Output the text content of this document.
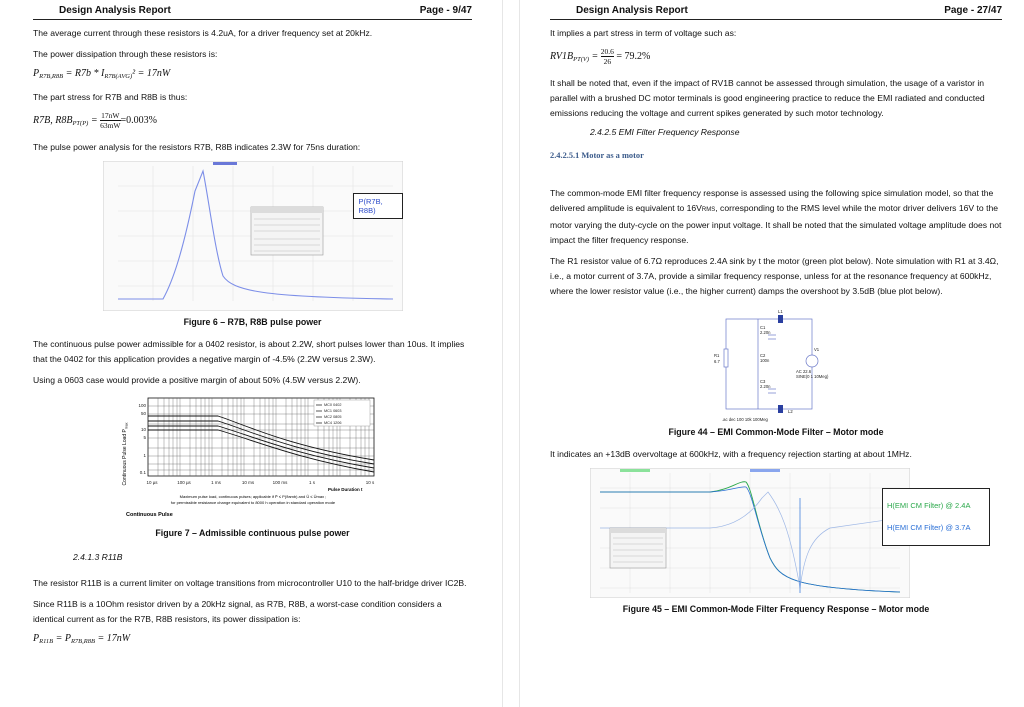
Design Analysis Report	Page - 9/47

The average current through these resistors is 4.2uA, for a driver frequency set at 20kHz.

The power dissipation through these resistors is:

$P_{R7B,R8B} = R7b * I_{R7B(AVG)}^2 = 17nW$

The part stress for R7B and R8B is thus:

R7B, $R8B_{PT(P)} = \frac{17nW}{63mW} =0.003\%$

The pulse power analysis for the resistors R7B, R8B indicates 2.3W for 75ns duration:

P(R7B, R8B)
Figure 6 – R7B, R8B pulse power

The continuous pulse power admissible for a 0402 resistor, is about 2.2W, short pulses lower than 10us. It implies that the 0402 for this application provides a negative margin of -4.5% (2.2W versus 2.3W).

Using a 0603 case would provide a positive margin of about 50% (4.5W versus 2.2W).

Continuous Pulse Load $P_{max}$
MC0 0402
MC1 0603
MC2 0805
MC4 1206
100
50
10
5
1
0.1
10 µs	100 µs	1 ms	10 ms	100 ms	1 s	10 s
Pulse Duration t
Maximum pulse load, continuous pulses; applicable if P̄ ≤ P(ϑamb) and Û ≤ Ûmax ;
for permissible resistance change equivalent to 8000 h operation in standard operation mode
Continuous Pulse
Figure 7 – Admissible continuous pulse power
2.4.1.3 R11B

The resistor R11B is a current limiter on voltage transitions from microcontroller U10 to the half-bridge driver IC2B.

Since R11B is a 10Ohm resistor driven by a 20kHz signal, as R7B, R8B, a worst-case condition considers a identical current as for the R7B, R8B resistors, its power dissipation is:

$P_{R11B} = P_{R7B,R8B} = 17nW$
Design Analysis Report	Page - 27/47

It implies a part stress in term of voltage such as:

$RV1B_{PT(V)} = \frac{20.6}{26} = 79.2\%$

It shall be noted that, even if the impact of RV1B cannot be assessed through simulation, the usage of a varistor in parallel with a brushed DC motor terminals is good engineering practice to reduce the EMI radiated and conducted emissions reducing the voltage and current spikes generated by such motor technology.

2.4.2.5 EMI Filter Frequency Response
2.4.2.5.1 Motor as a motor

The common-mode EMI filter frequency response is assessed using the following spice simulation model, so that the delivered amplitude is equivalent to 16VRMS, corresponding to the RMS level while the motor driver delivers 16V to the motor varying the duty-cycle on the power input voltage. It shall be noted that the simulated voltage amplitude does not impact the filter frequency response.

The R1 resistor value of 6.7Ω reproduces 2.4A sink by t the motor (green plot below). Note simulation with R1 at 3.4Ω, i.e., a motor current of 3.7A, provide a similar frequency response, unless for at the resonance frequency at 600kHz, where the lower resistor value (i.e., the higher current) damps the overshoot by 3.5dB (blue plot below).

L1
C1
2.20n
R1
6.7
C2
100n
C3
2.20n
V1
AC 22.6
SINE(0 1 10Meg)
L2
.ac dec 100 10k 100Meg
Figure 44 – EMI Common-Mode Filter – Motor mode

It indicates an +13dB overvoltage at 600kHz, with a frequency rejection starting at about 1MHz.

H(EMI CM Filter) @ 2.4A
H(EMI CM Filter) @ 3.7A
Figure 45 – EMI Common-Mode Filter Frequency Response – Motor mode
